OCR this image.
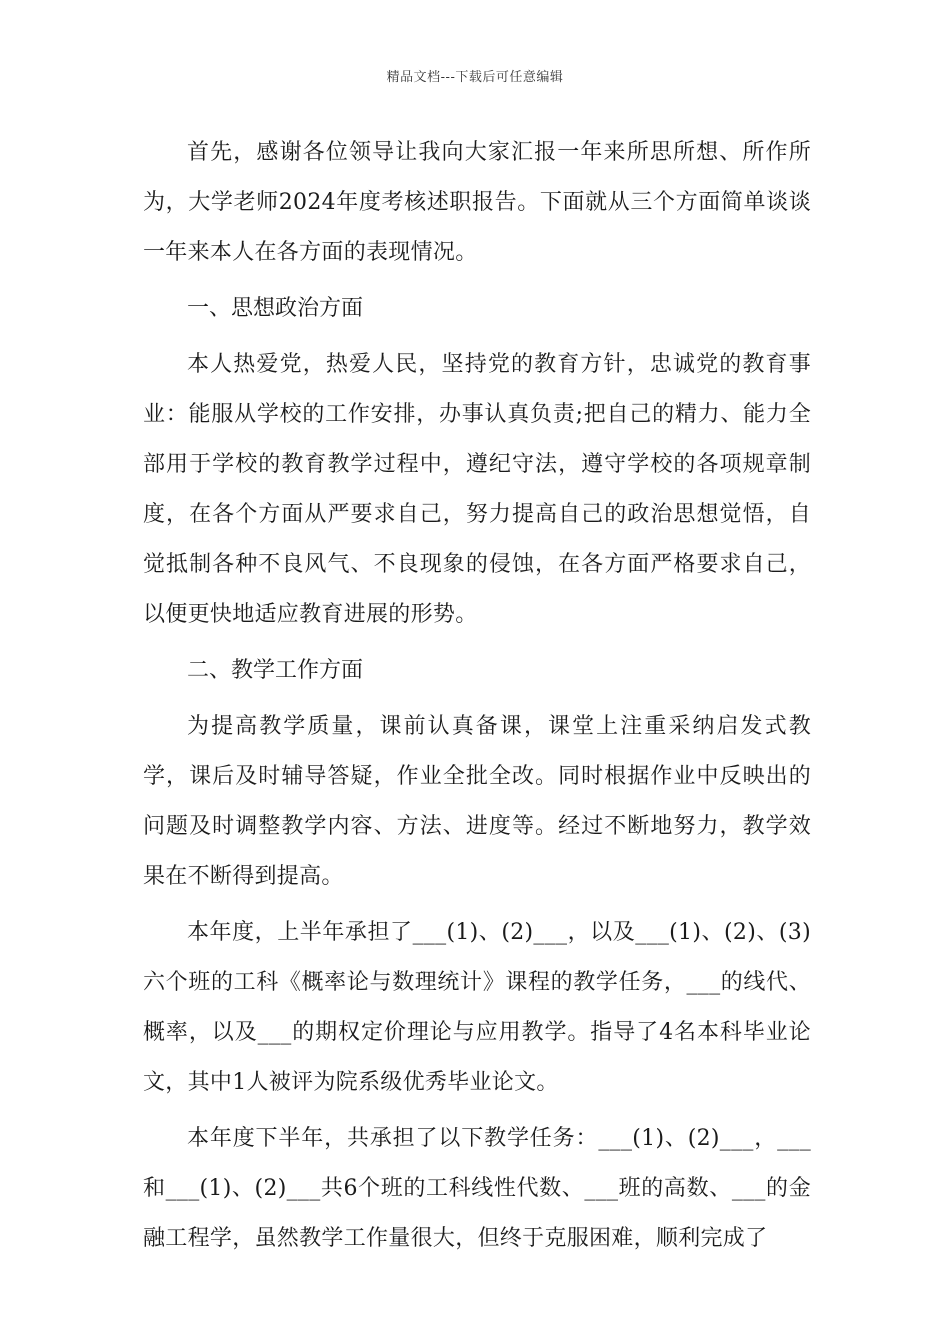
精品文档---下载后可任意编辑

首先，感谢各位领导让我向大家汇报一年来所思所想、所作所为，大学老师2024年度考核述职报告。下面就从三个方面简单谈谈一年来本人在各方面的表现情况。

一、思想政治方面

本人热爱党，热爱人民，坚持党的教育方针，忠诚党的教育事业：能服从学校的工作安排，办事认真负责;把自己的精力、能力全部用于学校的教育教学过程中，遵纪守法，遵守学校的各项规章制度，在各个方面从严要求自己，努力提高自己的政治思想觉悟，自觉抵制各种不良风气、不良现象的侵蚀，在各方面严格要求自己，以便更快地适应教育进展的形势。

二、教学工作方面

为提高教学质量，课前认真备课，课堂上注重采纳启发式教学，课后及时辅导答疑，作业全批全改。同时根据作业中反映出的问题及时调整教学内容、方法、进度等。经过不断地努力，教学效果在不断得到提高。

本年度，上半年承担了___(1)、(2)___，以及___(1)、(2)、(3)六个班的工科《概率论与数理统计》课程的教学任务，___的线代、概率，以及___的期权定价理论与应用教学。指导了4名本科毕业论文，其中1人被评为院系级优秀毕业论文。

本年度下半年，共承担了以下教学任务：___(1)、(2)___，___和___(1)、(2)___共6个班的工科线性代数、___班的高数、___的金融工程学，虽然教学工作量很大，但终于克服困难，顺利完成了
